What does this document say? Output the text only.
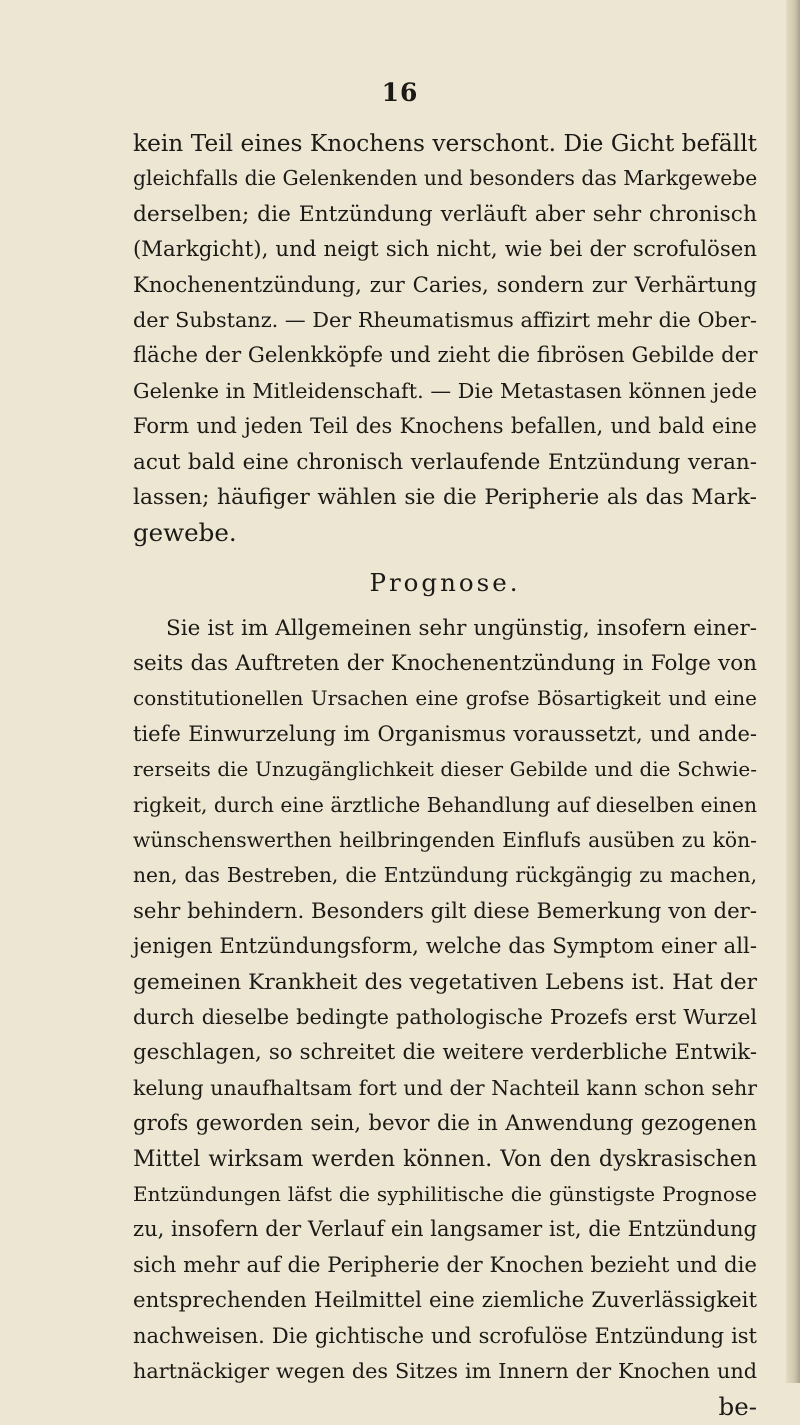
16
kein Teil eines Knochens verschont. Die Gicht befällt
gleichfalls die Gelenkenden und besonders das Markgewebe
derselben; die Entzündung verläuft aber sehr chronisch
(Markgicht), und neigt sich nicht, wie bei der scrofulösen
Knochenentzündung, zur Caries, sondern zur Verhärtung
der Substanz. — Der Rheumatismus affizirt mehr die Ober-
fläche der Gelenkköpfe und zieht die fibrösen Gebilde der
Gelenke in Mitleidenschaft. — Die Metastasen können jede
Form und jeden Teil des Knochens befallen, und bald eine
acut bald eine chronisch verlaufende Entzündung veran-
lassen; häufiger wählen sie die Peripherie als das Mark-
gewebe.
Prognose.
Sie ist im Allgemeinen sehr ungünstig, insofern einer-
seits das Auftreten der Knochenentzündung in Folge von
constitutionellen Ursachen eine grofse Bösartigkeit und eine
tiefe Einwurzelung im Organismus voraussetzt, und ande-
rerseits die Unzugänglichkeit dieser Gebilde und die Schwie-
rigkeit, durch eine ärztliche Behandlung auf dieselben einen
wünschenswerthen heilbringenden Einflufs ausüben zu kön-
nen, das Bestreben, die Entzündung rückgängig zu machen,
sehr behindern. Besonders gilt diese Bemerkung von der-
jenigen Entzündungsform, welche das Symptom einer all-
gemeinen Krankheit des vegetativen Lebens ist. Hat der
durch dieselbe bedingte pathologische Prozefs erst Wurzel
geschlagen, so schreitet die weitere verderbliche Entwik-
kelung unaufhaltsam fort und der Nachteil kann schon sehr
grofs geworden sein, bevor die in Anwendung gezogenen
Mittel wirksam werden können. Von den dyskrasischen
Entzündungen läfst die syphilitische die günstigste Prognose
zu, insofern der Verlauf ein langsamer ist, die Entzündung
sich mehr auf die Peripherie der Knochen bezieht und die
entsprechenden Heilmittel eine ziemliche Zuverlässigkeit
nachweisen. Die gichtische und scrofulöse Entzündung ist
hartnäckiger wegen des Sitzes im Innern der Knochen und
be-
